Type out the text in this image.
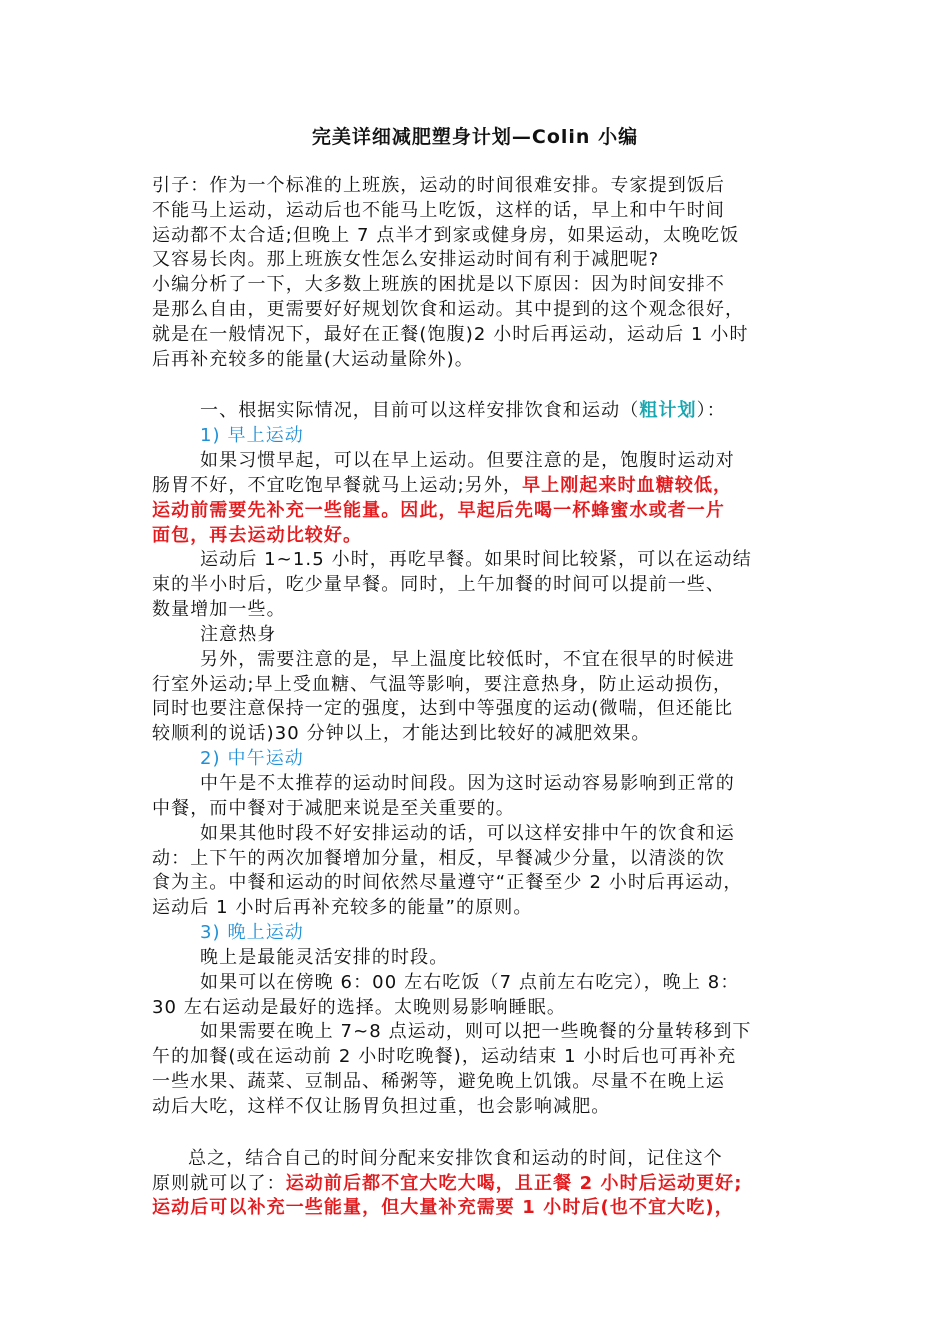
完美详细减肥塑身计划—Colin 小编
引子：作为一个标准的上班族，运动的时间很难安排。专家提到饭后
不能马上运动，运动后也不能马上吃饭，这样的话，早上和中午时间
运动都不太合适;但晚上 7 点半才到家或健身房，如果运动，太晚吃饭
又容易长肉。那上班族女性怎么安排运动时间有利于减肥呢?
小编分析了一下，大多数上班族的困扰是以下原因：因为时间安排不
是那么自由，更需要好好规划饮食和运动。其中提到的这个观念很好，
就是在一般情况下，最好在正餐(饱腹)2 小时后再运动，运动后 1 小时
后再补充较多的能量(大运动量除外)。
一、根据实际情况，目前可以这样安排饮食和运动（粗计划）：
1) 早上运动
如果习惯早起，可以在早上运动。但要注意的是，饱腹时运动对
肠胃不好，不宜吃饱早餐就马上运动;另外，早上刚起来时血糖较低，
运动前需要先补充一些能量。因此，早起后先喝一杯蜂蜜水或者一片
面包，再去运动比较好。
运动后 1~1.5 小时，再吃早餐。如果时间比较紧，可以在运动结
束的半小时后，吃少量早餐。同时，上午加餐的时间可以提前一些、
数量增加一些。
注意热身
另外，需要注意的是，早上温度比较低时，不宜在很早的时候进
行室外运动;早上受血糖、气温等影响，要注意热身，防止运动损伤，
同时也要注意保持一定的强度，达到中等强度的运动(微喘，但还能比
较顺利的说话)30 分钟以上，才能达到比较好的减肥效果。
2) 中午运动
中午是不太推荐的运动时间段。因为这时运动容易影响到正常的
中餐，而中餐对于减肥来说是至关重要的。
如果其他时段不好安排运动的话，可以这样安排中午的饮食和运
动：上下午的两次加餐增加分量，相反，早餐减少分量，以清淡的饮
食为主。中餐和运动的时间依然尽量遵守“正餐至少 2 小时后再运动，
运动后 1 小时后再补充较多的能量”的原则。
3) 晚上运动
晚上是最能灵活安排的时段。
如果可以在傍晚 6：00 左右吃饭（7 点前左右吃完），晚上 8：
30 左右运动是最好的选择。太晚则易影响睡眠。
如果需要在晚上 7~8 点运动，则可以把一些晚餐的分量转移到下
午的加餐(或在运动前 2 小时吃晚餐)，运动结束 1 小时后也可再补充
一些水果、蔬菜、豆制品、稀粥等，避免晚上饥饿。尽量不在晚上运
动后大吃，这样不仅让肠胃负担过重，也会影响减肥。
总之，结合自己的时间分配来安排饮食和运动的时间，记住这个
原则就可以了：运动前后都不宜大吃大喝，且正餐 2 小时后运动更好;
运动后可以补充一些能量，但大量补充需要 1 小时后(也不宜大吃)，
